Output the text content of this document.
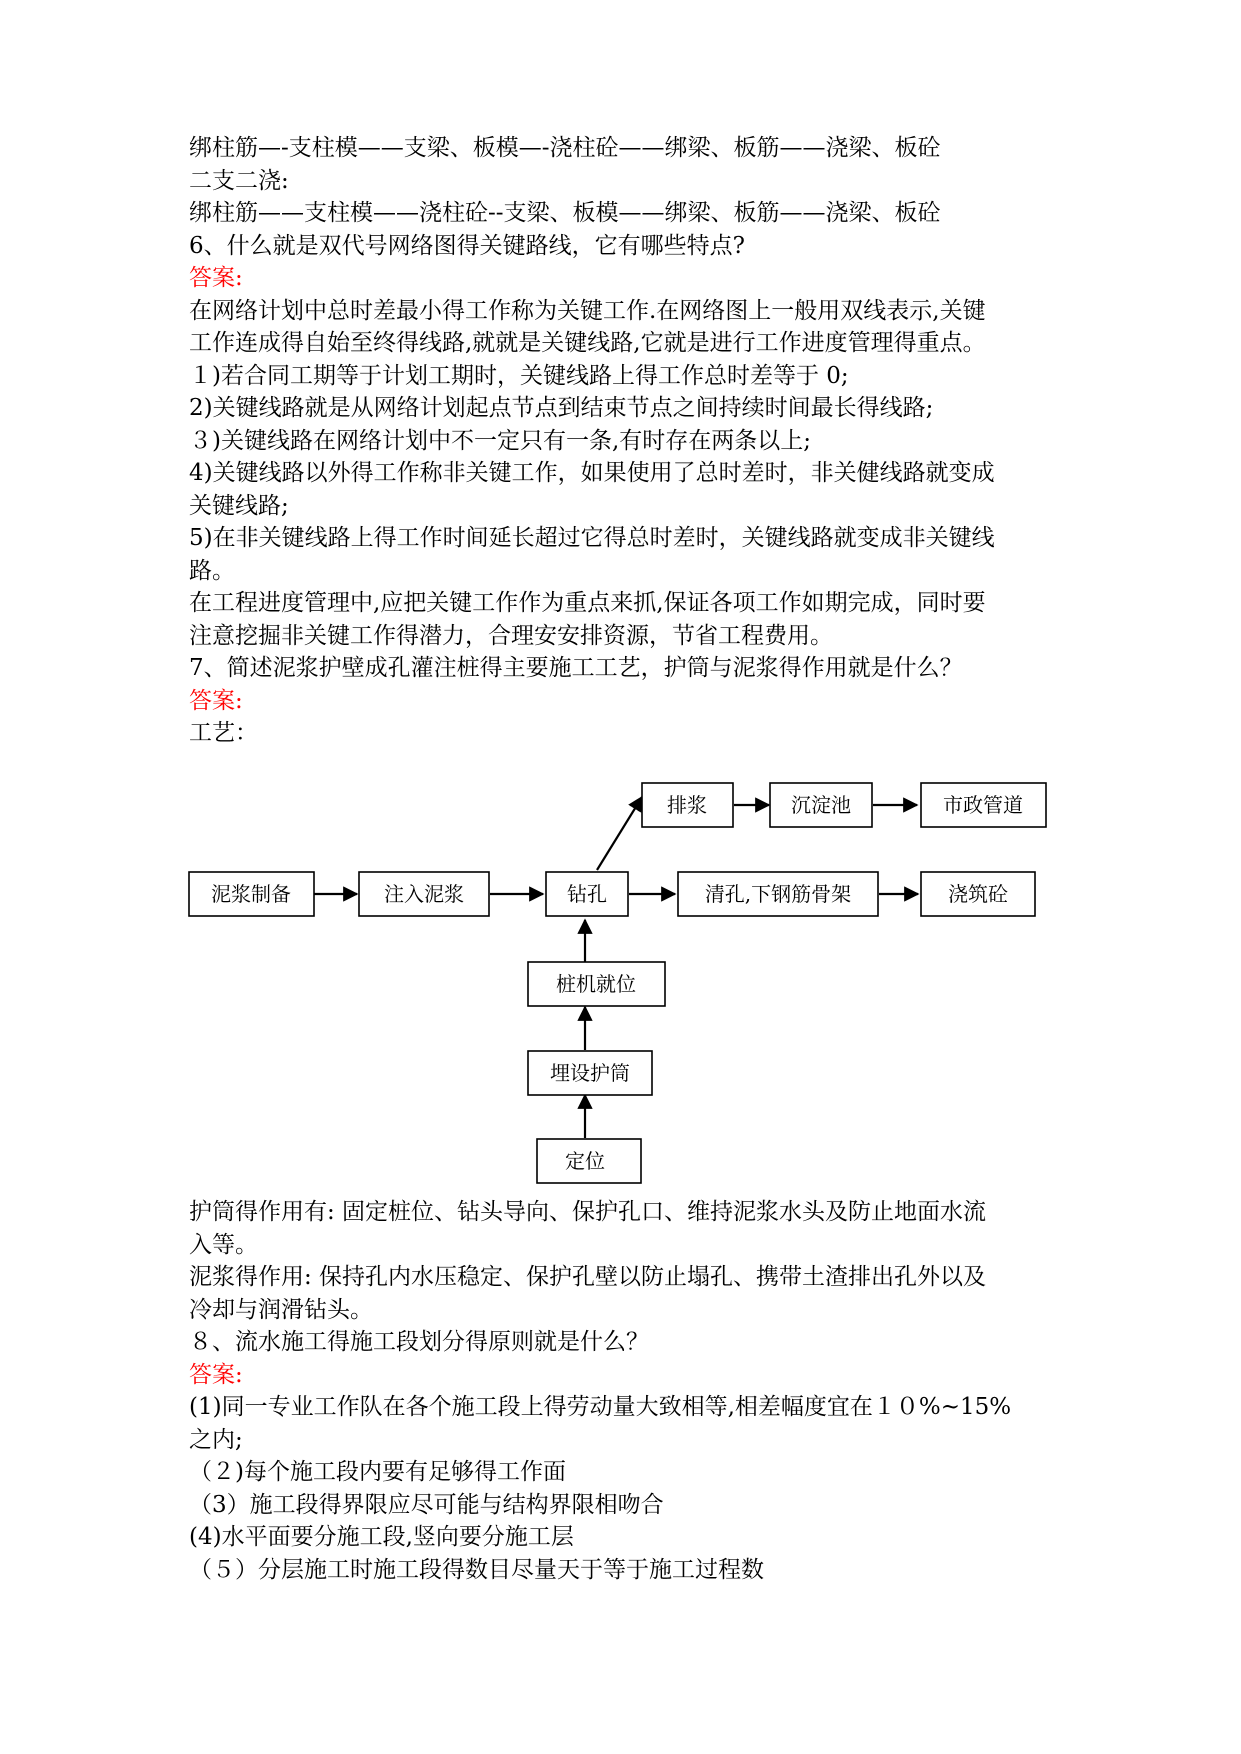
绑柱筋—-支柱模——支梁、板模—-浇柱砼——绑梁、板筋——浇梁、板砼
二支二浇:
绑柱筋——支柱模——浇柱砼--支梁、板模——绑梁、板筋——浇梁、板砼
6、什么就是双代号网络图得关键路线，它有哪些特点?
答案:
在网络计划中总时差最小得工作称为关键工作.在网络图上一般用双线表示,关键
工作连成得自始至终得线路,就就是关键线路,它就是进行工作进度管理得重点。
１)若合同工期等于计划工期时，关键线路上得工作总时差等于 0;
2)关键线路就是从网络计划起点节点到结束节点之间持续时间最长得线路;
３)关键线路在网络计划中不一定只有一条,有时存在两条以上;
4)关键线路以外得工作称非关键工作，如果使用了总时差时，非关健线路就变成
关键线路;
5)在非关键线路上得工作时间延长超过它得总时差时，关键线路就变成非关键线
路。
在工程进度管理中,应把关键工作作为重点来抓,保证各项工作如期完成，同时要
注意挖掘非关键工作得潜力，合理安安排资源，节省工程费用。
7、简述泥浆护壁成孔灌注桩得主要施工工艺，护筒与泥浆得作用就是什么？
答案:
工艺：
排浆	沉淀池	市政管道
泥浆制备	注入泥浆	钻孔	清孔,下钢筋骨架	浇筑砼
桩机就位
埋设护筒
定位
护筒得作用有: 固定桩位、钻头导向、保护孔口、维持泥浆水头及防止地面水流
入等。
泥浆得作用: 保持孔内水压稳定、保护孔壁以防止塌孔、携带土渣排出孔外以及
冷却与润滑钻头。
８、流水施工得施工段划分得原则就是什么？
答案:
(1)同一专业工作队在各个施工段上得劳动量大致相等,相差幅度宜在１０%~15%
之内;
（２)每个施工段内要有足够得工作面
（3）施工段得界限应尽可能与结构界限相吻合
(4)水平面要分施工段,竖向要分施工层
（５）分层施工时施工段得数目尽量天于等于施工过程数
